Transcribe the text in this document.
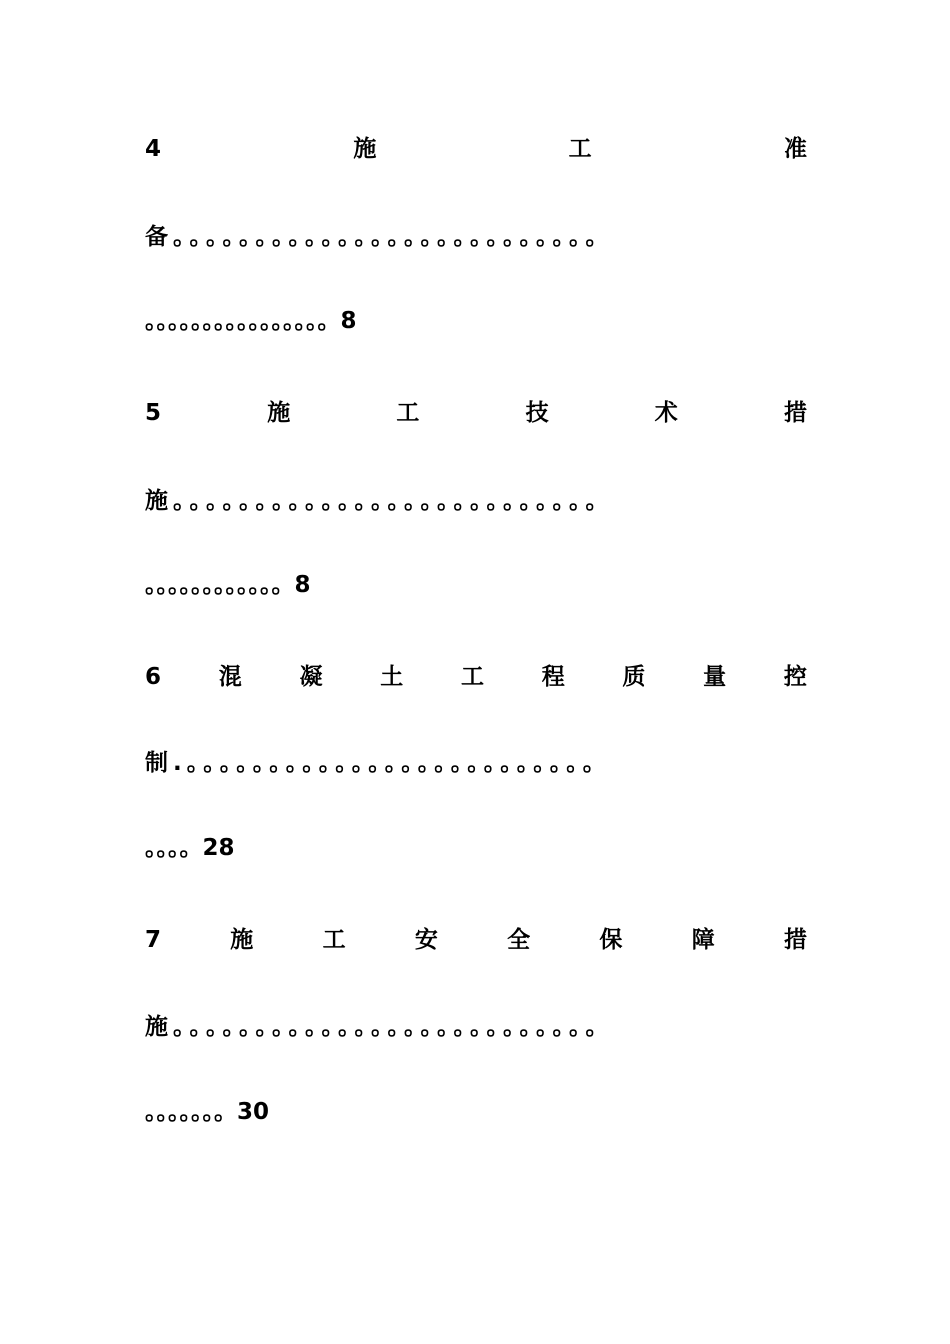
4	施	工	准
备。。。。。。。。。。。。。。。。。。。。。。。。。。
。。。。。。。。。。。。。。。。8
5	施	工	技	术	措
施。。。。。。。。。。。。。。。。。。。。。。。。。。
。。。。。。。。。。。。8
6	混	凝	土	工	程	质	量	控
制.。。。。。。。。。。。。。。。。。。。。。。。。。
。。。。28
7	施	工	安	全	保	障	措
施。。。。。。。。。。。。。。。。。。。。。。。。。。
。。。。。。。30
